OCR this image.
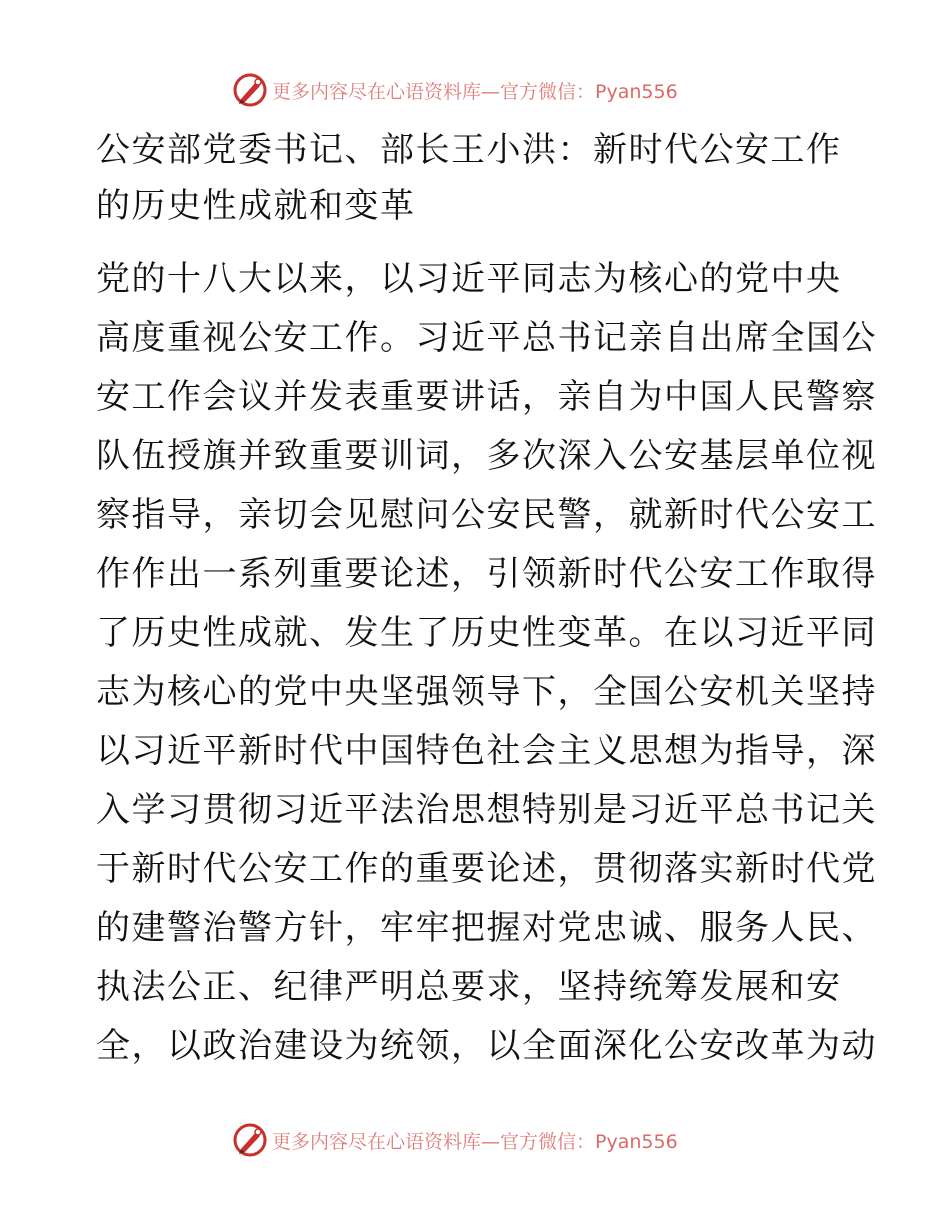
更多内容尽在心语资料库—官方微信：Pyan556
公安部党委书记、部长王小洪：新时代公安工作
的历史性成就和变革
党的十八大以来，以习近平同志为核心的党中央
高度重视公安工作。习近平总书记亲自出席全国公
安工作会议并发表重要讲话，亲自为中国人民警察
队伍授旗并致重要训词，多次深入公安基层单位视
察指导，亲切会见慰问公安民警，就新时代公安工
作作出一系列重要论述，引领新时代公安工作取得
了历史性成就、发生了历史性变革。在以习近平同
志为核心的党中央坚强领导下，全国公安机关坚持
以习近平新时代中国特色社会主义思想为指导，深
入学习贯彻习近平法治思想特别是习近平总书记关
于新时代公安工作的重要论述，贯彻落实新时代党
的建警治警方针，牢牢把握对党忠诚、服务人民、
执法公正、纪律严明总要求，坚持统筹发展和安
全，以政治建设为统领，以全面深化公安改革为动
更多内容尽在心语资料库—官方微信：Pyan556
